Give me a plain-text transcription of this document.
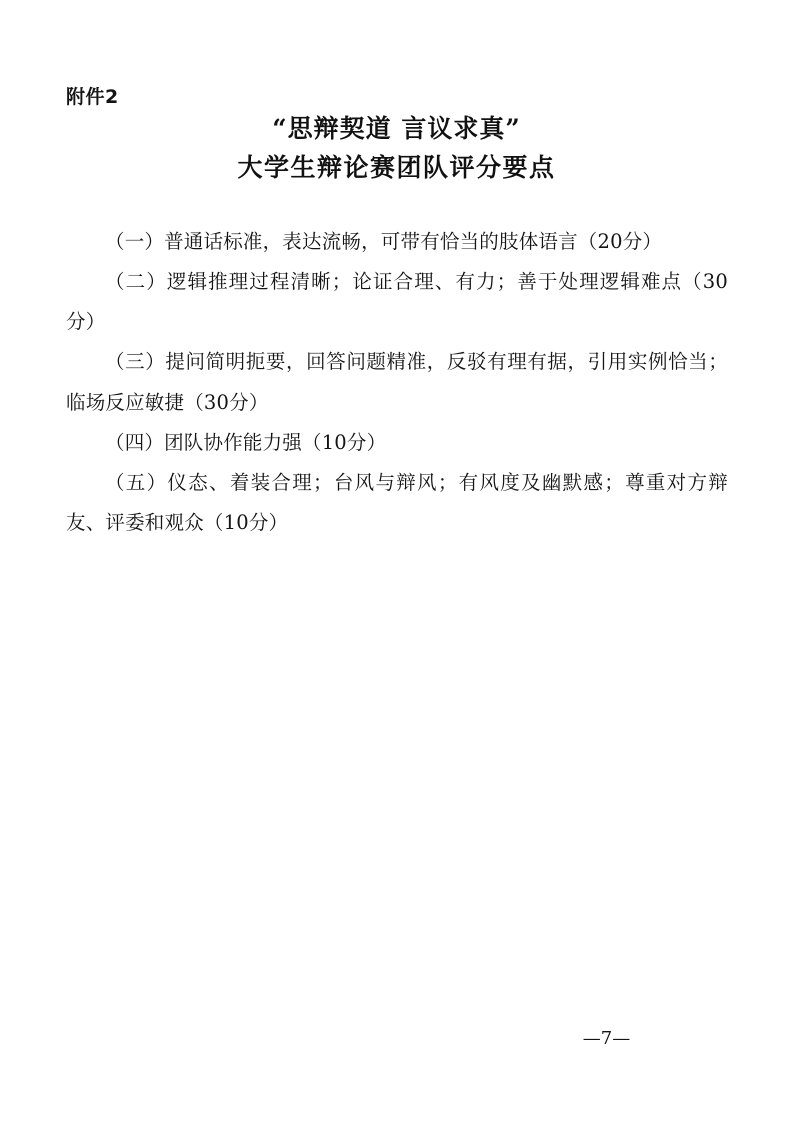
附件2
“思辩契道 言议求真”
大学生辩论赛团队评分要点

（一）普通话标准，表达流畅，可带有恰当的肢体语言（20分）

（二）逻辑推理过程清晰；论证合理、有力；善于处理逻辑难点（30分）

（三）提问简明扼要，回答问题精准，反驳有理有据，引用实例恰当；临场反应敏捷（30分）

（四）团队协作能力强（10分）

（五）仪态、着装合理；台风与辩风；有风度及幽默感；尊重对方辩友、评委和观众（10分）

—7—
